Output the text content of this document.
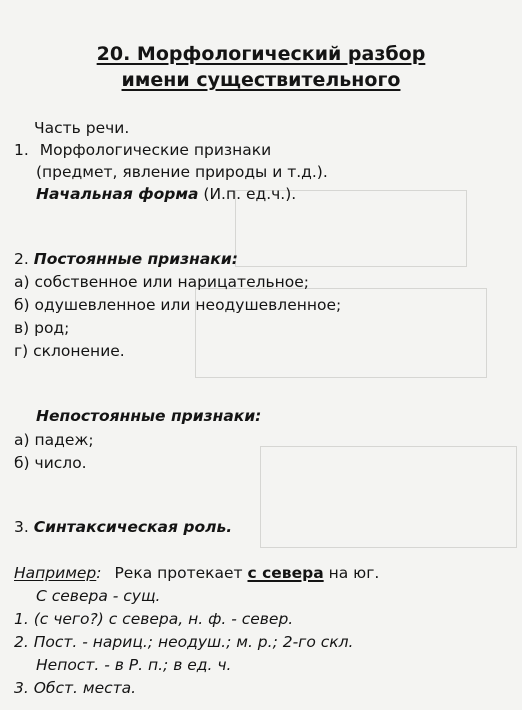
20. Морфологический разбор
имени существительного
Часть речи.
1. Морфологические признаки
(предмет, явление природы и т.д.).
Начальная форма (И.п. ед.ч.).
2. Постоянные признаки:
а) собственное или нарицательное;
б) одушевленное или неодушевленное;
в) род;
г) склонение.
Непостоянные признаки:
а) падеж;
б) число.
3. Синтаксическая роль.
Например: Река протекает с севера на юг.
С севера - сущ.
1. (с чего?) с севера, н. ф. - север.
2. Пост. - нариц.; неодуш.; м. р.; 2-го скл.
Непост. - в Р. п.; в ед. ч.
3. Обст. места.
